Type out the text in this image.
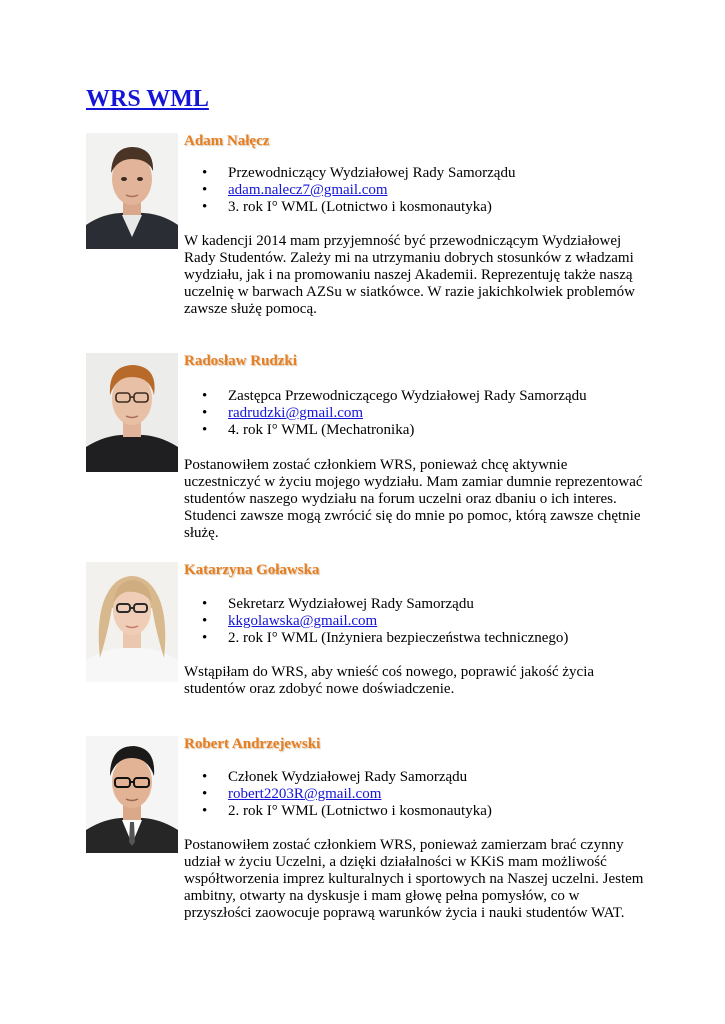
WRS WML
Adam Nałęcz
• Przewodniczący Wydziałowej Rady Samorządu
• adam.nalecz7@gmail.com
• 3. rok I° WML (Lotnictwo i kosmonautyka)

W kadencji 2014 mam przyjemność być przewodniczącym Wydziałowej Rady Studentów. Zależy mi na utrzymaniu dobrych stosunków z władzami wydziału, jak i na promowaniu naszej Akademii. Reprezentuję także naszą uczelnię w barwach AZSu w siatkówce. W razie jakichkolwiek problemów zawsze służę pomocą.

Radosław Rudzki
• Zastępca Przewodniczącego Wydziałowej Rady Samorządu
• radrudzki@gmail.com
• 4. rok I° WML (Mechatronika)

Postanowiłem zostać członkiem WRS, ponieważ chcę aktywnie uczestniczyć w życiu mojego wydziału. Mam zamiar dumnie reprezentować studentów naszego wydziału na forum uczelni oraz dbaniu o ich interes. Studenci zawsze mogą zwrócić się do mnie po pomoc, którą zawsze chętnie służę.

Katarzyna Goławska
• Sekretarz Wydziałowej Rady Samorządu
• kkgolawska@gmail.com
• 2. rok I° WML (Inżyniera bezpieczeństwa technicznego)

Wstąpiłam do WRS, aby wnieść coś nowego, poprawić jakość życia studentów oraz zdobyć nowe doświadczenie.

Robert Andrzejewski
• Członek Wydziałowej Rady Samorządu
• robert2203R@gmail.com
• 2. rok I° WML (Lotnictwo i kosmonautyka)

Postanowiłem zostać członkiem WRS, ponieważ zamierzam brać czynny udział w życiu Uczelni, a dzięki działalności w KKiS mam możliwość współtworzenia imprez kulturalnych i sportowych na Naszej uczelni. Jestem ambitny, otwarty na dyskusje i mam głowę pełna pomysłów, co w przyszłości zaowocuje poprawą warunków życia i nauki studentów WAT.
